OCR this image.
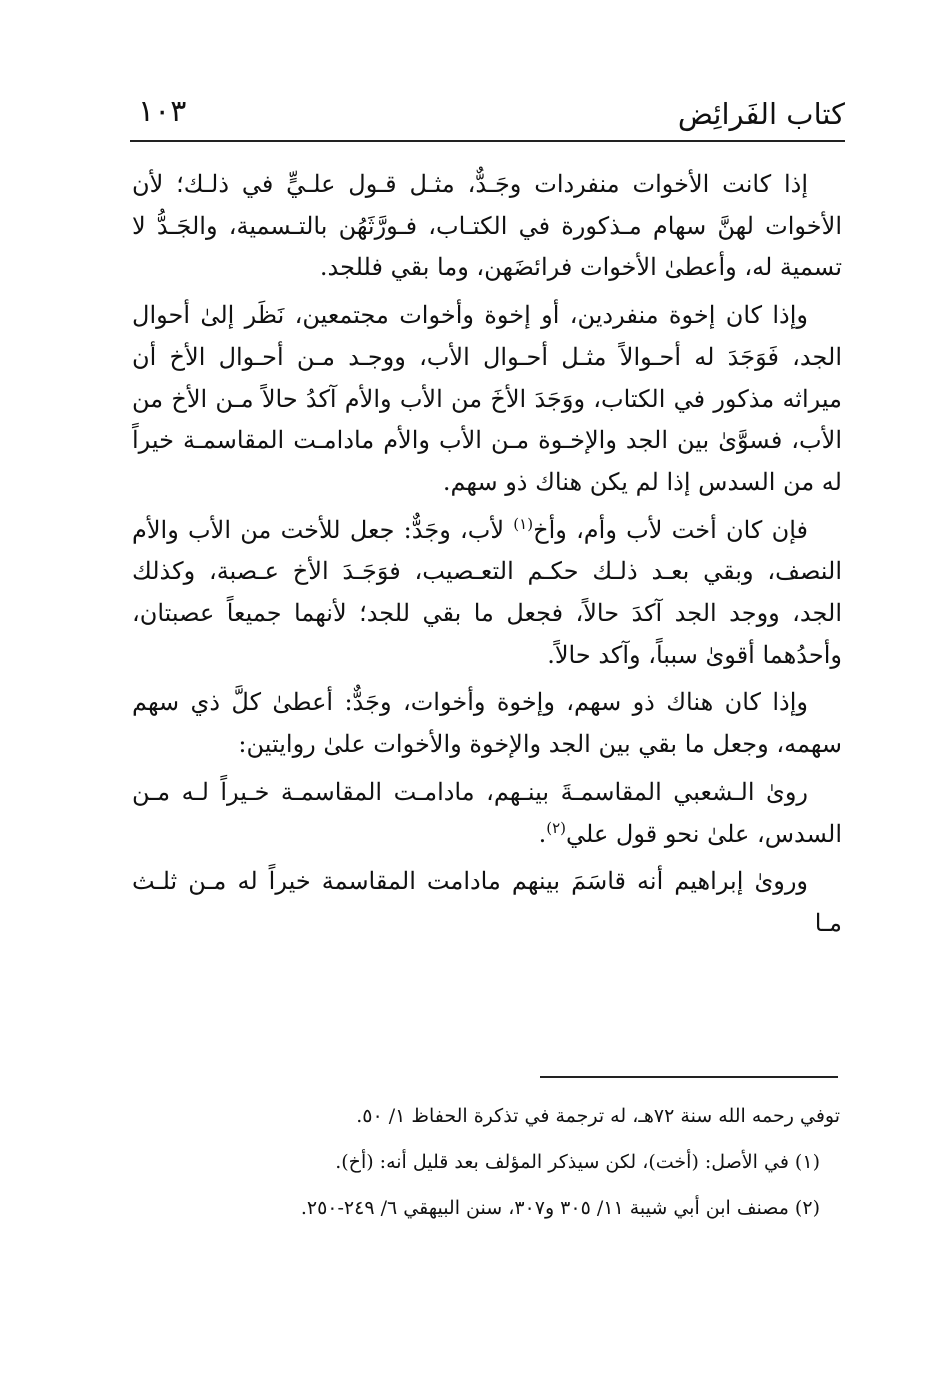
كتاب الفَرائِض
١٠٣

إذا كانت الأخوات منفردات وجَـدٌّ، مثـل قـول علـيٍّ في ذلـك؛ لأن الأخوات لهنَّ سهام مـذكورة في الكتـاب، فـورَّثَهُن بالتـسمية، والجَـدُّ لا تسمية له، وأعطىٰ الأخوات فرائضَهن، وما بقي فللجد.

وإذا كان إخوة منفردين، أو إخوة وأخوات مجتمعين، نَظَر إلىٰ أحوال الجد، فَوَجَدَ له أحـوالاً مثـل أحـوال الأب، ووجـد مـن أحـوال الأخ أن ميراثه مذكور في الكتاب، ووَجَدَ الأخَ من الأب والأم آكدُ حالاً مـن الأخ من الأب، فسوَّىٰ بين الجد والإخـوة مـن الأب والأم مادامـت المقاسمـة خيراً له من السدس إذا لم يكن هناك ذو سهم.

فإن كان أخت لأب وأم، وأخ$^{(١)}$ لأب، وجَدٌّ: جعل للأخت من الأب والأم النصف، وبقي بعـد ذلـك حكـم التعـصيب، فوَجَـدَ الأخ عـصبة، وكذلك الجد، ووجد الجد آكدَ حالاً، فجعل ما بقي للجد؛ لأنهما جميعاً عصبتان، وأحدُهما أقوىٰ سبباً، وآكد حالاً.

وإذا كان هناك ذو سهم، وإخوة وأخوات، وجَدٌّ: أعطىٰ كلَّ ذي سهم سهمه، وجعل ما بقي بين الجد والإخوة والأخوات علىٰ روايتين:

روىٰ الـشعبي المقاسمـةَ بينـهم، مادامـت المقاسمـة خـيراً لـه مـن السدس، علىٰ نحو قول علي$^{(٢)}$.

وروىٰ إبراهيم أنه قاسَمَ بينهم مادامت المقاسمة خيراً له مـن ثلـث مـا

توفي رحمه الله سنة ٧٢هـ، له ترجمة في تذكرة الحفاظ ١/ ٥٠.

(١) في الأصل: (أخت)، لكن سيذكر المؤلف بعد قليل أنه: (أخ).

(٢) مصنف ابن أبي شيبة ١١/ ٣٠٥ و٣٠٧، سنن البيهقي ٦/ ٢٤٩-٢٥٠.
